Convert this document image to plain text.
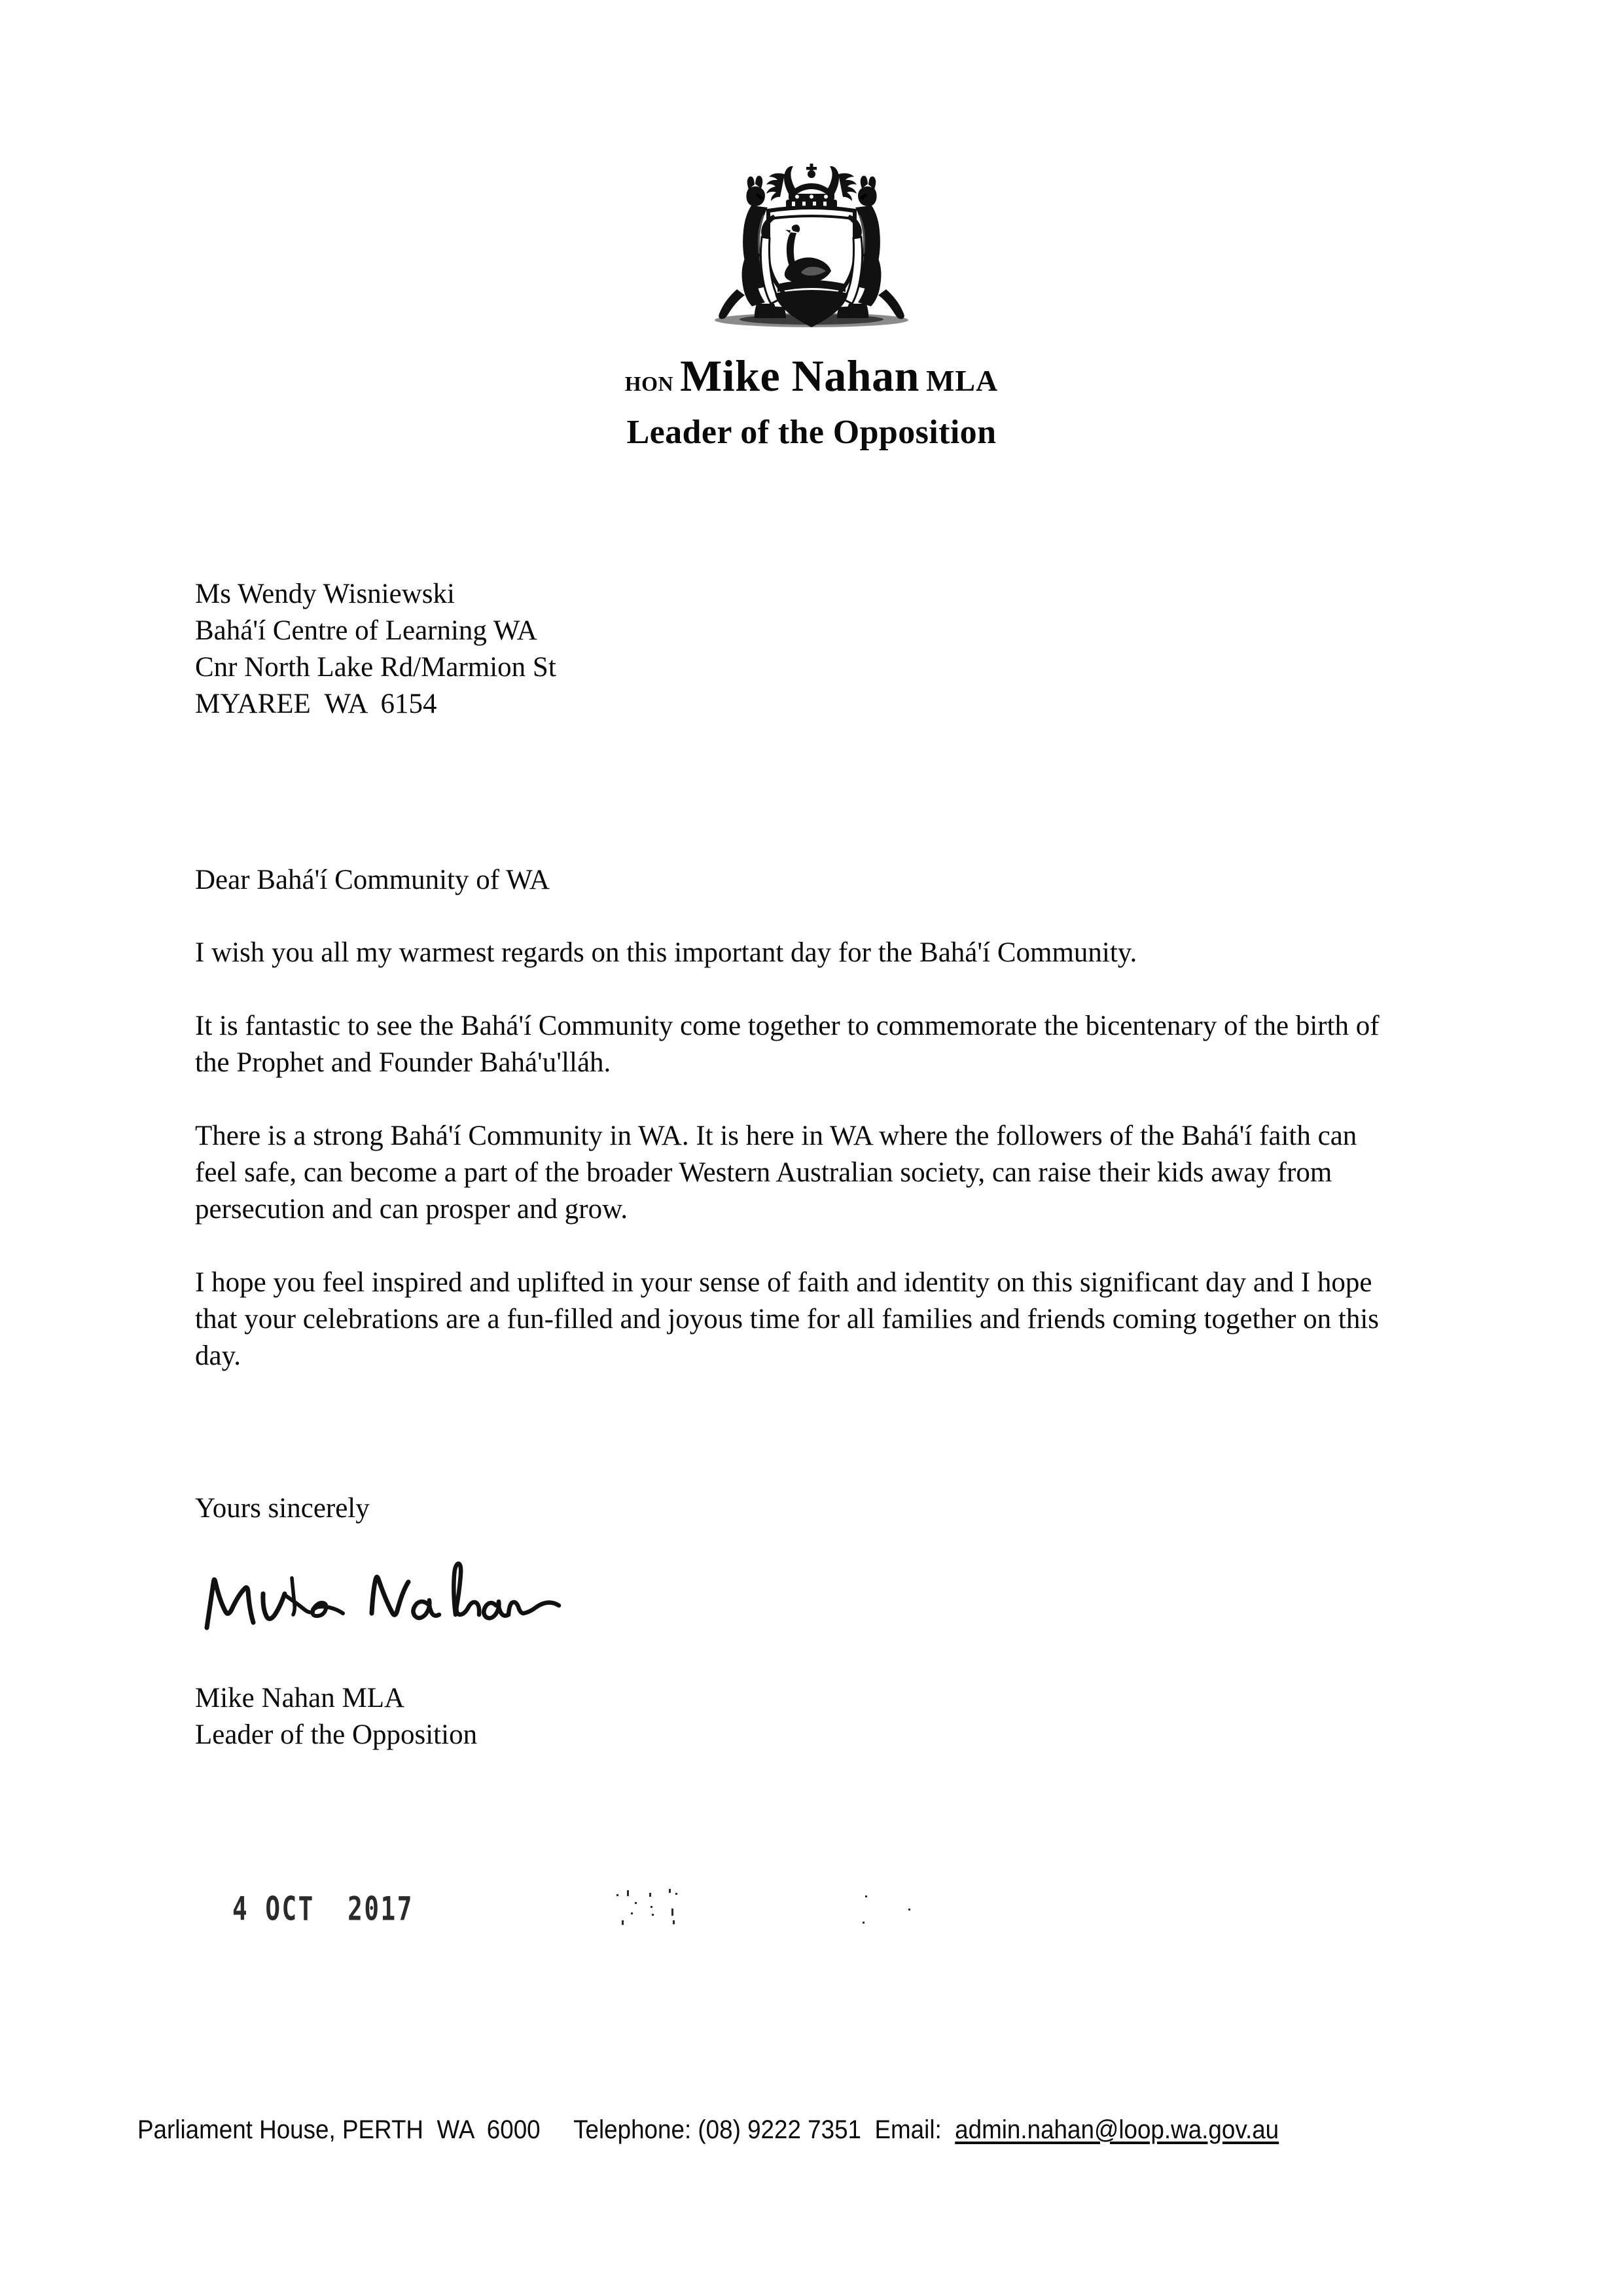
hon Mike Nahan MLA
Leader of the Opposition
Ms Wendy Wisniewski
Bahá'í Centre of Learning WA
Cnr North Lake Rd/Marmion St
MYAREE  WA  6154
Dear Bahá'í Community of WA
I wish you all my warmest regards on this important day for the Bahá'í Community.
It is fantastic to see the Bahá'í Community come together to commemorate the bicentenary of the birth of the Prophet and Founder Bahá'u'lláh.
There is a strong Bahá'í Community in WA. It is here in WA where the followers of the Bahá'í faith can feel safe, can become a part of the broader Western Australian society, can raise their kids away from persecution and can prosper and grow.
I hope you feel inspired and uplifted in your sense of faith and identity on this significant day and I hope that your celebrations are a fun-filled and joyous time for all families and friends coming together on this day.
Yours sincerely
Mike Nahan MLA
Leader of the Opposition
4 OCT  2017
Parliament House, PERTH  WA  6000 Telephone: (08) 9222 7351 Email:  admin.nahan@loop.wa.gov.au
